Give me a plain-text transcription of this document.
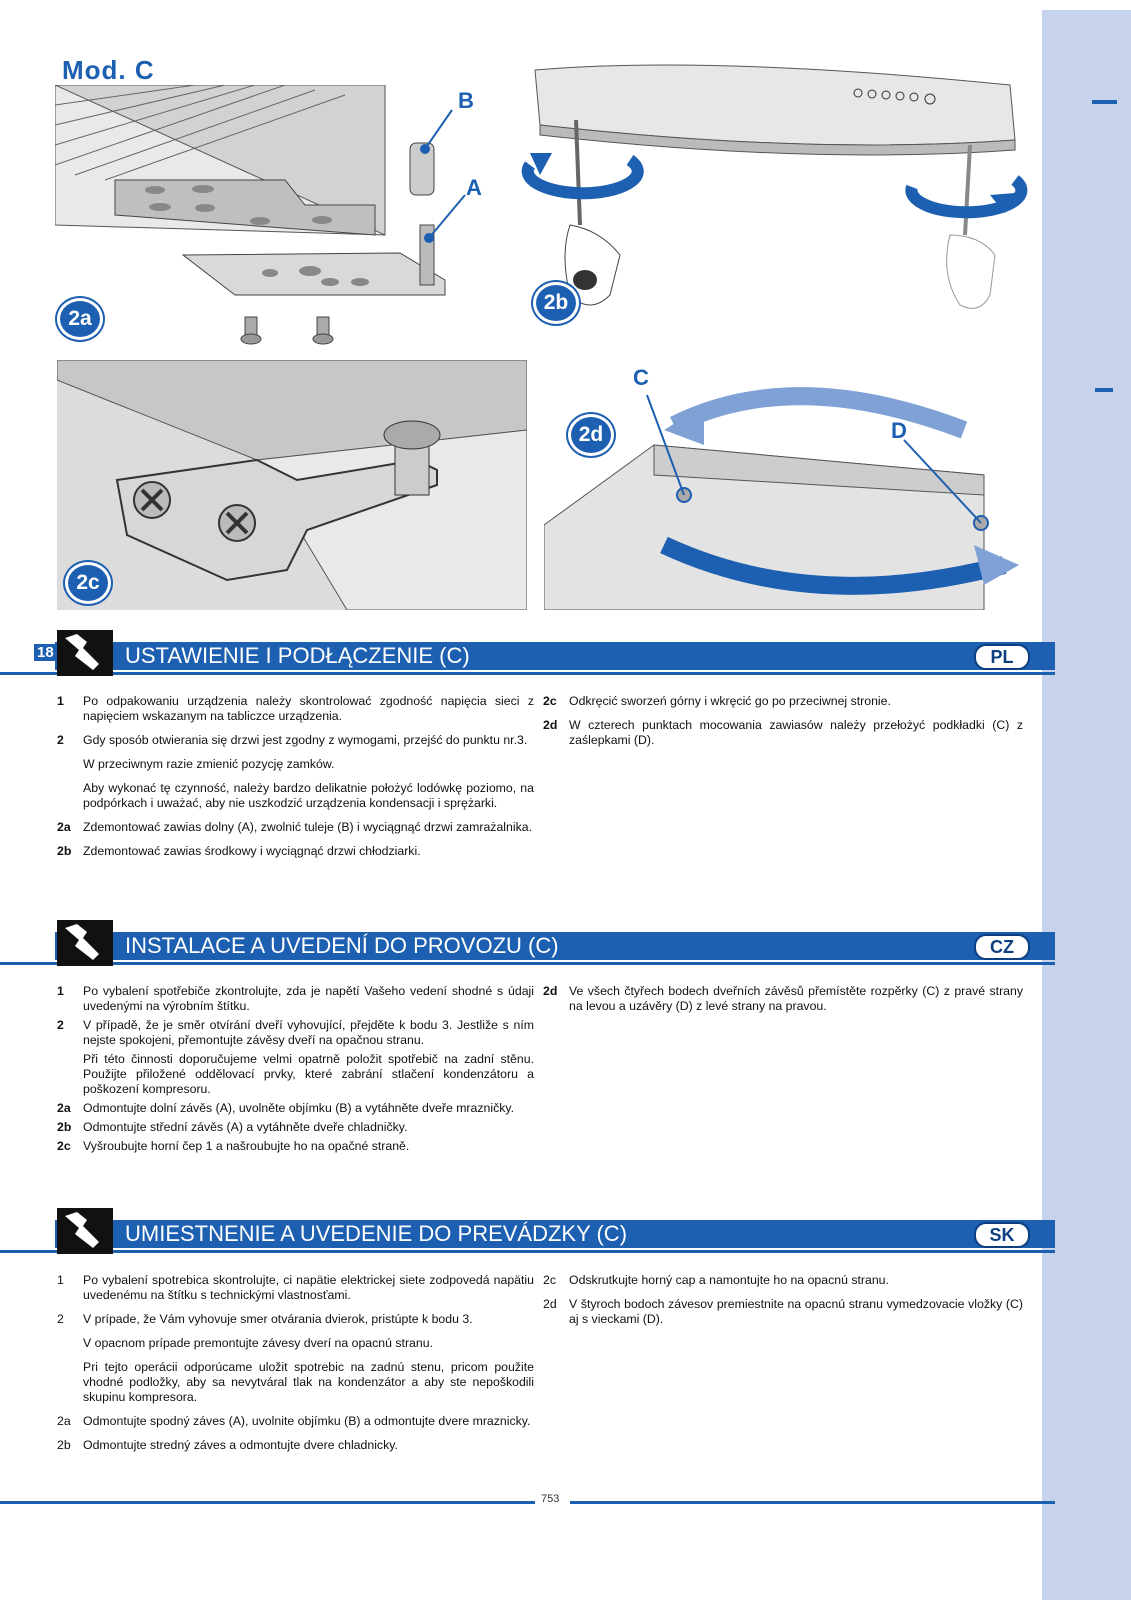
Mod. C
B
A
2a
2b
2c
C
D
2d
18	USTAWIENIE I PODŁĄCZENIE (C)	PL
1 Po odpakowaniu urządzenia należy skontrolować zgodność napięcia sieci z napięciem wskazanym na tabliczce urządzenia.
2 Gdy sposób otwierania się drzwi jest zgodny z wymogami, przejść do punktu nr.3.
W przeciwnym razie zmienić pozycję zamków.
Aby wykonać tę czynność, należy bardzo delikatnie położyć lodówkę poziomo, na podpórkach i uważać, aby nie uszkodzić urządzenia kondensacji i sprężarki.
2a Zdemontować zawias dolny (A), zwolnić tuleje (B) i wyciągnąć drzwi zamrażalnika.
2b Zdemontować zawias środkowy i wyciągnąć drzwi chłodziarki.
2c Odkręcić sworzeń górny i wkręcić go po przeciwnej stronie.
2d W czterech punktach mocowania zawiasów należy przełożyć podkładki (C) z zaślepkami (D).
INSTALACE A UVEDENÍ DO PROVOZU (C)	CZ
1 Po vybalení spotřebiče zkontrolujte, zda je napětí Vašeho vedení shodné s údaji uvedenými na výrobním štítku.
2 V případě, že je směr otvírání dveří vyhovující, přejděte k bodu 3. Jestliže s ním nejste spokojeni, přemontujte závěsy dveří na opačnou stranu.
Při této činnosti doporučujeme velmi opatrně položit spotřebič na zadní stěnu. Použijte přiložené oddělovací prvky, které zabrání stlačení kondenzátoru a poškození kompresoru.
2a Odmontujte dolní závěs (A), uvolněte objímku (B) a vytáhněte dveře mrazničky.
2b Odmontujte střední závěs (A) a vytáhněte dveře chladničky.
2c Vyšroubujte horní čep 1 a našroubujte ho na opačné straně.
2d Ve všech čtyřech bodech dveřních závěsů přemístěte rozpěrky (C) z pravé strany na levou a uzávěry (D) z levé strany na pravou.
UMIESTNENIE A UVEDENIE DO PREVÁDZKY (C)	SK
1 Po vybalení spotrebica skontrolujte, ci napätie elektrickej siete zodpovedá napätiu uvedenému na štítku s technickými vlastnosťami.
2 V prípade, že Vám vyhovuje smer otvárania dvierok, pristúpte k bodu 3.
V opacnom prípade premontujte závesy dverí na opacnú stranu.
Pri tejto operácii odporúcame uložit spotrebic na zadnú stenu, pricom použite vhodné podložky, aby sa nevytváral tlak na kondenzátor a aby ste nepoškodili skupinu kompresora.
2a Odmontujte spodný záves (A), uvolnite objímku (B) a odmontujte dvere mraznicky.
2b Odmontujte stredný záves a odmontujte dvere chladnicky.
2c Odskrutkujte horný cap a namontujte ho na opacnú stranu.
2d V štyroch bodoch závesov premiestnite na opacnú stranu vymedzovacie vložky (C) aj s vieckami (D).
753
